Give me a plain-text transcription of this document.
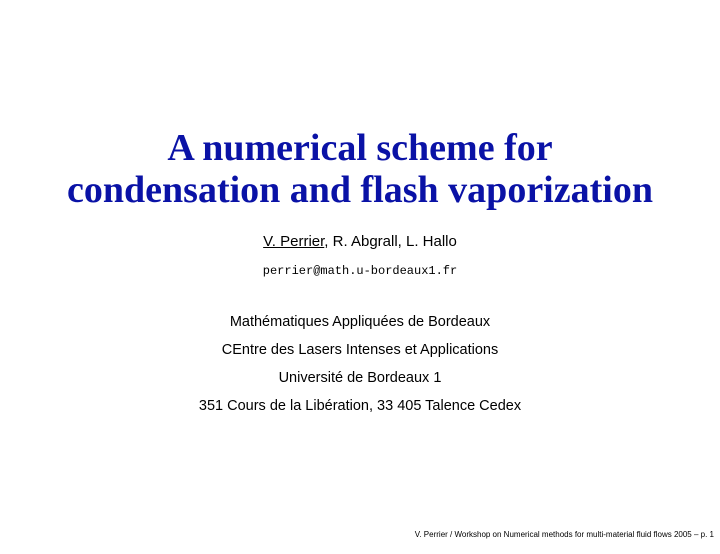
A numerical scheme for
condensation and flash vaporization
V. Perrier, R. Abgrall, L. Hallo
perrier@math.u-bordeaux1.fr
Mathématiques Appliquées de Bordeaux
CEntre des Lasers Intenses et Applications
Université de Bordeaux 1
351 Cours de la Libération, 33 405 Talence Cedex
V. Perrier / Workshop on Numerical methods for multi-material fluid flows 2005 – p. 1
